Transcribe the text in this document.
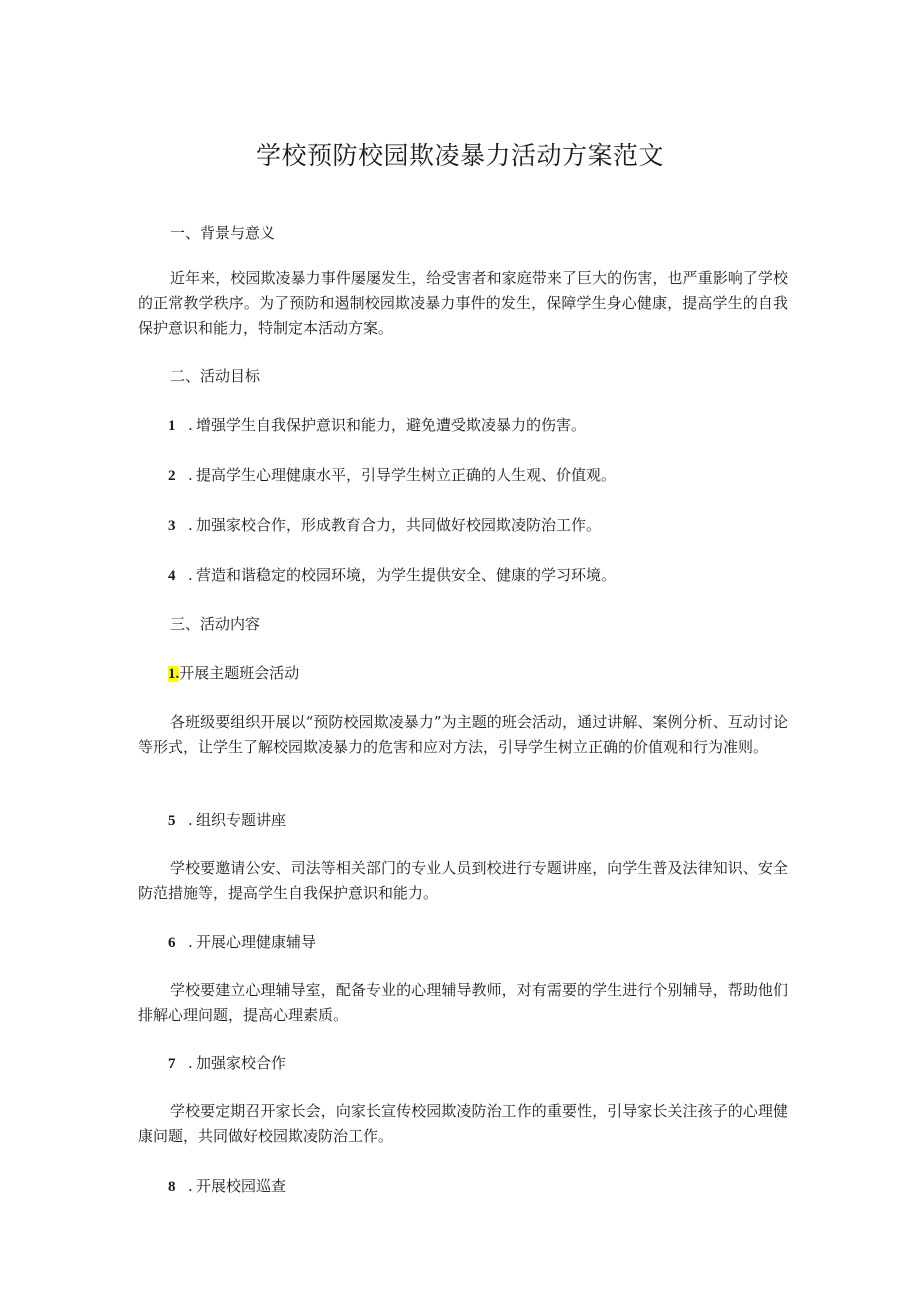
学校预防校园欺凌暴力活动方案范文
一、背景与意义
近年来，校园欺凌暴力事件屡屡发生，给受害者和家庭带来了巨大的伤害，也严重影响了学校的正常教学秩序。为了预防和遏制校园欺凌暴力事件的发生，保障学生身心健康，提高学生的自我保护意识和能力，特制定本活动方案。
二、活动目标
1 . 增强学生自我保护意识和能力，避免遭受欺凌暴力的伤害。
2 . 提高学生心理健康水平，引导学生树立正确的人生观、价值观。
3 . 加强家校合作，形成教育合力，共同做好校园欺凌防治工作。
4 . 营造和谐稳定的校园环境，为学生提供安全、健康的学习环境。
三、活动内容
1.开展主题班会活动
各班级要组织开展以“预防校园欺凌暴力”为主题的班会活动，通过讲解、案例分析、互动讨论等形式，让学生了解校园欺凌暴力的危害和应对方法，引导学生树立正确的价值观和行为准则。
5 . 组织专题讲座
学校要邀请公安、司法等相关部门的专业人员到校进行专题讲座，向学生普及法律知识、安全防范措施等，提高学生自我保护意识和能力。
6 . 开展心理健康辅导
学校要建立心理辅导室，配备专业的心理辅导教师，对有需要的学生进行个别辅导，帮助他们排解心理问题，提高心理素质。
7 . 加强家校合作
学校要定期召开家长会，向家长宣传校园欺凌防治工作的重要性，引导家长关注孩子的心理健康问题，共同做好校园欺凌防治工作。
8 . 开展校园巡查
